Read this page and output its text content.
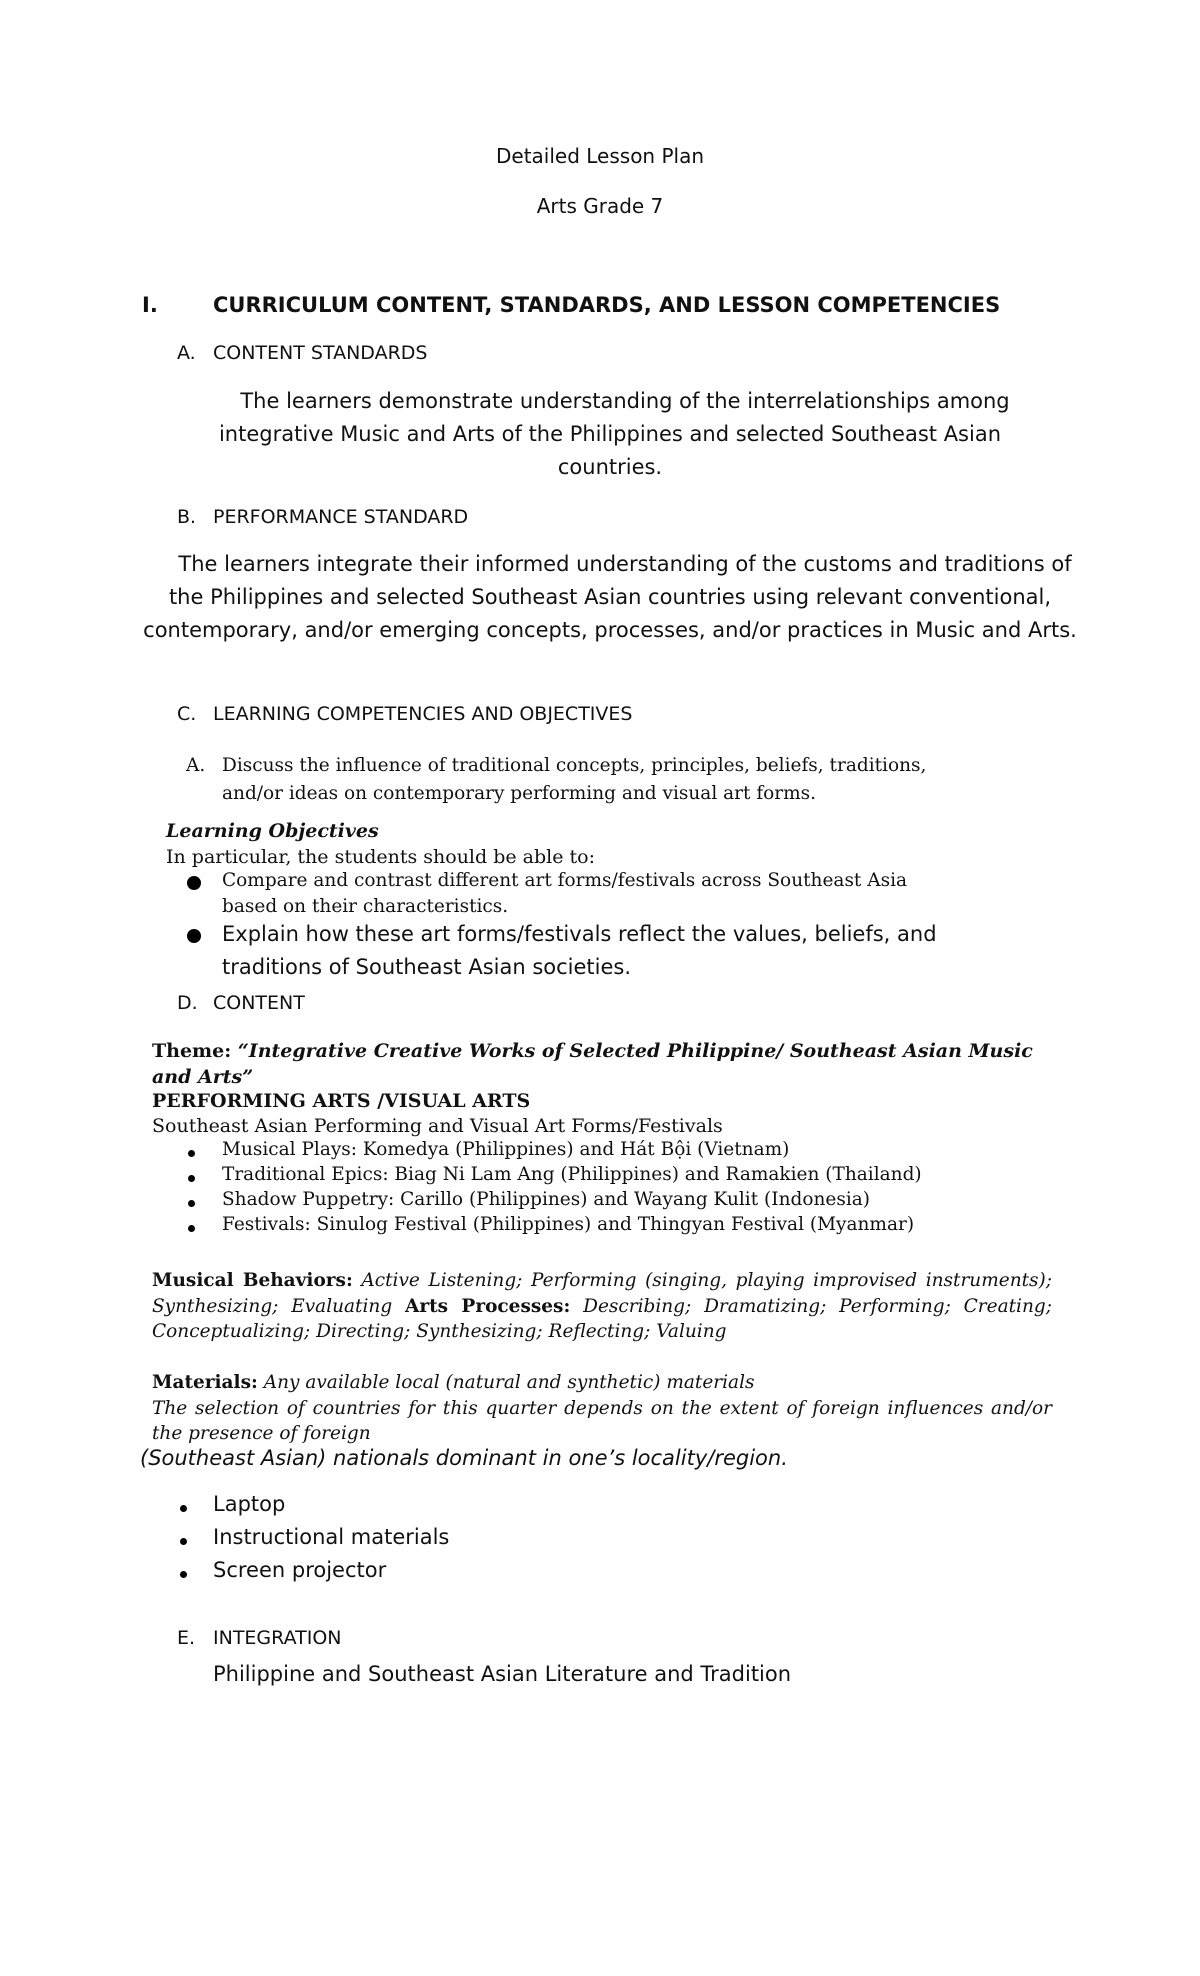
Detailed Lesson Plan
Arts Grade 7
I.	CURRICULUM CONTENT, STANDARDS, AND LESSON COMPETENCIES
A. CONTENT STANDARDS
The learners demonstrate understanding of the interrelationships among integrative Music and Arts of the Philippines and selected Southeast Asian countries.
B. PERFORMANCE STANDARD
The learners integrate their informed understanding of the customs and traditions of the Philippines and selected Southeast Asian countries using relevant conventional, contemporary, and/or emerging concepts, processes, and/or practices in Music and Arts.
C. LEARNING COMPETENCIES AND OBJECTIVES
A. Discuss the influence of traditional concepts, principles, beliefs, traditions,
and/or ideas on contemporary performing and visual art forms.
Learning Objectives
In particular, the students should be able to:
Compare and contrast different art forms/festivals across Southeast Asia
based on their characteristics.
Explain how these art forms/festivals reflect the values, beliefs, and
traditions of Southeast Asian societies.
D. CONTENT
Theme: “Integrative Creative Works of Selected Philippine/ Southeast Asian Music and Arts”
PERFORMING ARTS /VISUAL ARTS
Southeast Asian Performing and Visual Art Forms/Festivals
Musical Plays: Komedya (Philippines) and Hát Bội (Vietnam)
Traditional Epics: Biag Ni Lam Ang (Philippines) and Ramakien (Thailand)
Shadow Puppetry: Carillo (Philippines) and Wayang Kulit (Indonesia)
Festivals: Sinulog Festival (Philippines) and Thingyan Festival (Myanmar)
Musical Behaviors: Active Listening; Performing (singing, playing improvised instruments); Synthesizing; Evaluating Arts Processes: Describing; Dramatizing; Performing; Creating; Conceptualizing; Directing; Synthesizing; Reflecting; Valuing
Materials: Any available local (natural and synthetic) materials
The selection of countries for this quarter depends on the extent of foreign influences and/or the presence of foreign
(Southeast Asian) nationals dominant in one’s locality/region.
Laptop
Instructional materials
Screen projector
E. INTEGRATION
Philippine and Southeast Asian Literature and Tradition
